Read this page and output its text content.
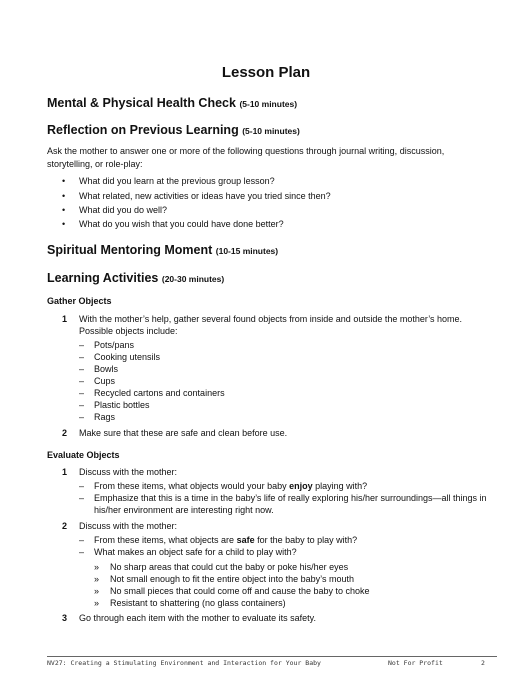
Lesson Plan
Mental & Physical Health Check (5-10 minutes)
Reflection on Previous Learning (5-10 minutes)
Ask the mother to answer one or more of the following questions through journal writing, discussion,
storytelling, or role-play:
• What did you learn at the previous group lesson?
• What related, new activities or ideas have you tried since then?
• What did you do well?
• What do you wish that you could have done better?
Spiritual Mentoring Moment (10-15 minutes)
Learning Activities (20-30 minutes)
Gather Objects
1 With the mother’s help, gather several found objects from inside and outside the mother’s home.
Possible objects include:
– Pots/pans
– Cooking utensils
– Bowls
– Cups
– Recycled cartons and containers
– Plastic bottles
– Rags
2 Make sure that these are safe and clean before use.
Evaluate Objects
1 Discuss with the mother:
– From these items, what objects would your baby enjoy playing with?
– Emphasize that this is a time in the baby’s life of really exploring his/her surroundings—all things in
his/her environment are interesting right now.
2 Discuss with the mother:
– From these items, what objects are safe for the baby to play with?
– What makes an object safe for a child to play with?
» No sharp areas that could cut the baby or poke his/her eyes
» Not small enough to fit the entire object into the baby’s mouth
» No small pieces that could come off and cause the baby to choke
» Resistant to shattering (no glass containers)
3 Go through each item with the mother to evaluate its safety.
NV27: Creating a Stimulating Environment and Interaction for Your Baby	Not For Profit	2
